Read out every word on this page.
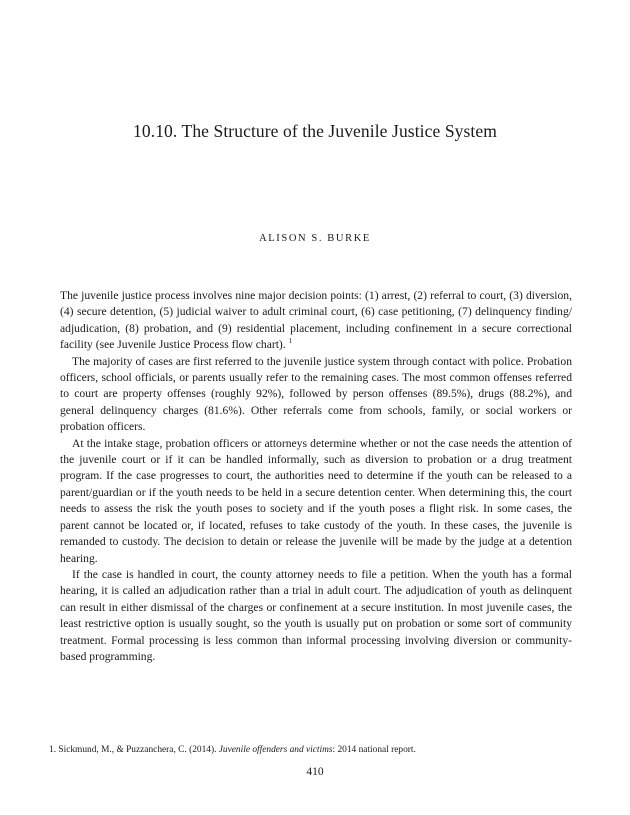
10.10. The Structure of the Juvenile Justice System
ALISON S. BURKE

The juvenile justice process involves nine major decision points: (1) arrest, (2) referral to court, (3) diversion, (4) secure detention, (5) judicial waiver to adult criminal court, (6) case petitioning, (7) delinquency finding/ adjudication, (8) probation, and (9) residential placement, including confinement in a secure correctional facility (see Juvenile Justice Process flow chart). $^1$

The majority of cases are first referred to the juvenile justice system through contact with police. Probation officers, school officials, or parents usually refer to the remaining cases. The most common offenses referred to court are property offenses (roughly 92%), followed by person offenses (89.5%), drugs (88.2%), and general delinquency charges (81.6%). Other referrals come from schools, family, or social workers or probation officers.

At the intake stage, probation officers or attorneys determine whether or not the case needs the attention of the juvenile court or if it can be handled informally, such as diversion to probation or a drug treatment program. If the case progresses to court, the authorities need to determine if the youth can be released to a parent/guardian or if the youth needs to be held in a secure detention center. When determining this, the court needs to assess the risk the youth poses to society and if the youth poses a flight risk. In some cases, the parent cannot be located or, if located, refuses to take custody of the youth. In these cases, the juvenile is remanded to custody. The decision to detain or release the juvenile will be made by the judge at a detention hearing.

If the case is handled in court, the county attorney needs to file a petition. When the youth has a formal hearing, it is called an adjudication rather than a trial in adult court. The adjudication of youth as delinquent can result in either dismissal of the charges or confinement at a secure institution. In most juvenile cases, the least restrictive option is usually sought, so the youth is usually put on probation or some sort of community treatment. Formal processing is less common than informal processing involving diversion or community-based programming.

1. Sickmund, M., & Puzzanchera, C. (2014). Juvenile offenders and victims: 2014 national report.

410
